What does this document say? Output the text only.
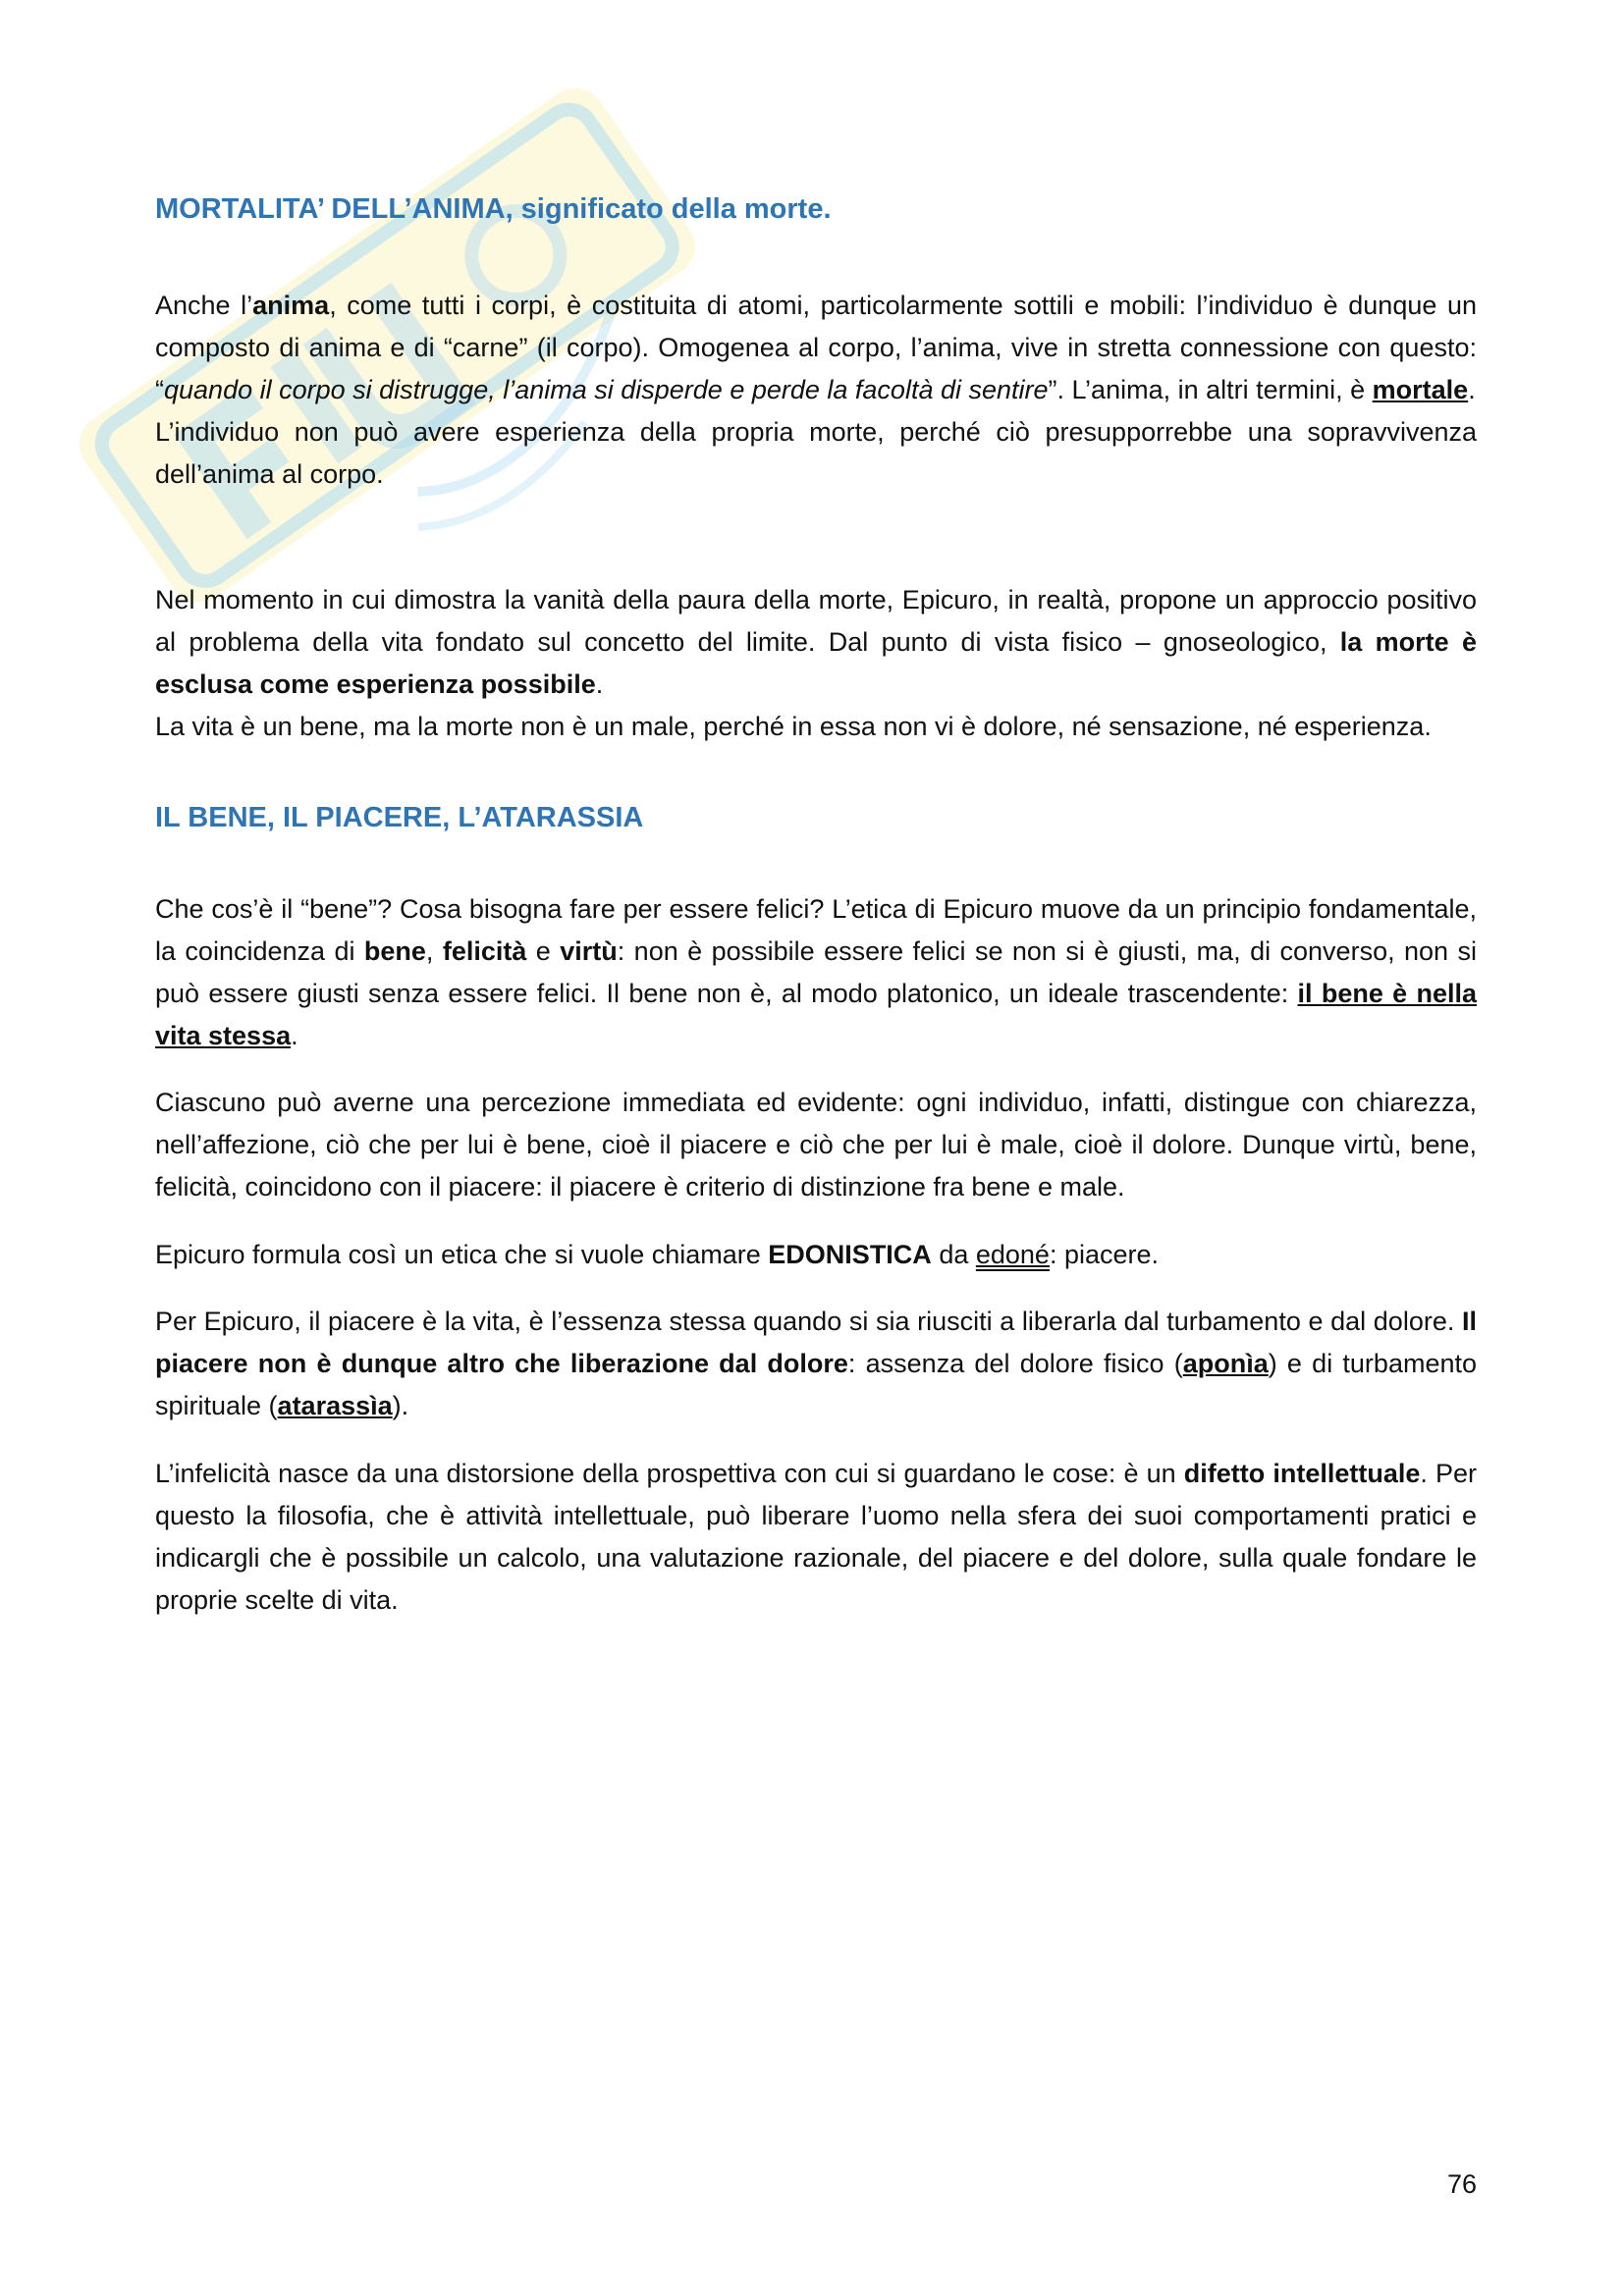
MORTALITA’ DELL’ANIMA, significato della morte.

Anche l’anima, come tutti i corpi, è costituita di atomi, particolarmente sottili e mobili: l’individuo è dunque un composto di anima e di “carne” (il corpo). Omogenea al corpo, l’anima, vive in stretta connessione con questo: “quando il corpo si distrugge, l’anima si disperde e perde la facoltà di sentire”. L’anima, in altri termini, è mortale.
L’individuo non può avere esperienza della propria morte, perché ciò presupporrebbe una sopravvivenza dell’anima al corpo.

Nel momento in cui dimostra la vanità della paura della morte, Epicuro, in realtà, propone un approccio positivo al problema della vita fondato sul concetto del limite. Dal punto di vista fisico – gnoseologico, la morte è esclusa come esperienza possibile.
La vita è un bene, ma la morte non è un male, perché in essa non vi è dolore, né sensazione, né esperienza.

IL BENE, IL PIACERE, L’ATARASSIA

Che cos’è il “bene”? Cosa bisogna fare per essere felici? L’etica di Epicuro muove da un principio fondamentale, la coincidenza di bene, felicità e virtù: non è possibile essere felici se non si è giusti, ma, di converso, non si può essere giusti senza essere felici. Il bene non è, al modo platonico, un ideale trascendente: il bene è nella vita stessa.

Ciascuno può averne una percezione immediata ed evidente: ogni individuo, infatti, distingue con chiarezza, nell’affezione, ciò che per lui è bene, cioè il piacere e ciò che per lui è male, cioè il dolore. Dunque virtù, bene, felicità, coincidono con il piacere: il piacere è criterio di distinzione fra bene e male.

Epicuro formula così un etica che si vuole chiamare EDONISTICA da edoné: piacere.

Per Epicuro, il piacere è la vita, è l’essenza stessa quando si sia riusciti a liberarla dal turbamento e dal dolore. Il piacere non è dunque altro che liberazione dal dolore: assenza del dolore fisico (aponìa) e di turbamento spirituale (atarassìa).

L’infelicità nasce da una distorsione della prospettiva con cui si guardano le cose: è un difetto intellettuale. Per questo la filosofia, che è attività intellettuale, può liberare l’uomo nella sfera dei suoi comportamenti pratici e indicargli che è possibile un calcolo, una valutazione razionale, del piacere e del dolore, sulla quale fondare le proprie scelte di vita.

76
